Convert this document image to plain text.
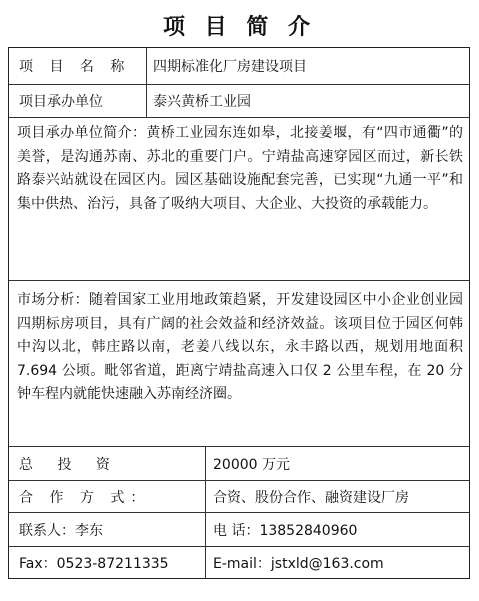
项 目 简 介
项 目 名 称	四期标准化厂房建设项目
项目承办单位	泰兴黄桥工业园
项目承办单位简介：黄桥工业园东连如皋，北接姜堰，有“四市通衢”的美誉，是沟通苏南、苏北的重要门户。宁靖盐高速穿园区而过，新长铁路泰兴站就设在园区内。园区基础设施配套完善，已实现“九通一平”和集中供热、治污，具备了吸纳大项目、大企业、大投资的承载能力。
市场分析：随着国家工业用地政策趋紧，开发建设园区中小企业创业园四期标房项目，具有广阔的社会效益和经济效益。该项目位于园区何韩中沟以北，韩庄路以南，老姜八线以东，永丰路以西，规划用地面积 7.694 公顷。毗邻省道，距离宁靖盐高速入口仅 2 公里车程，在 20 分钟车程内就能快速融入苏南经济圈。
总 投 资	20000 万元
合 作 方 式：	合资、股份合作、融资建设厂房
联系人：李东	电 话：13852840960
Fax：0523-87211335	E-mail：jstxld@163.com
